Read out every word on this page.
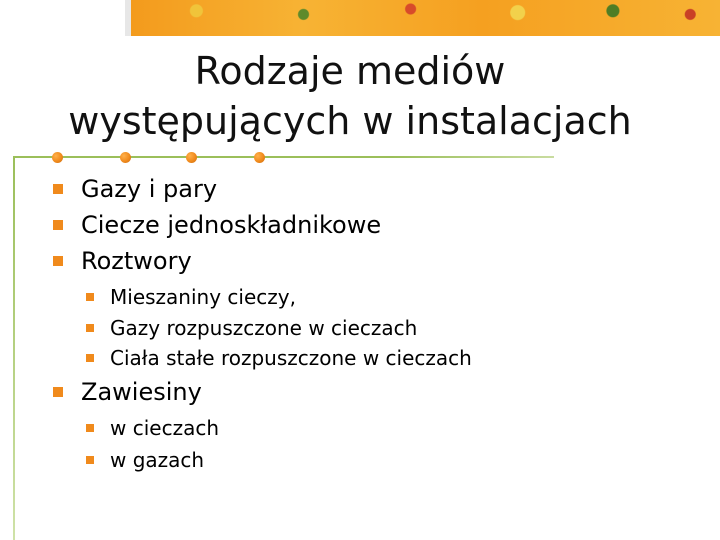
Rodzaje mediów
występujących w instalacjach
Gazy i pary
Ciecze jednoskładnikowe
Roztwory
Mieszaniny cieczy,
Gazy rozpuszczone w cieczach
Ciała stałe rozpuszczone w cieczach
Zawiesiny
w cieczach
w gazach
